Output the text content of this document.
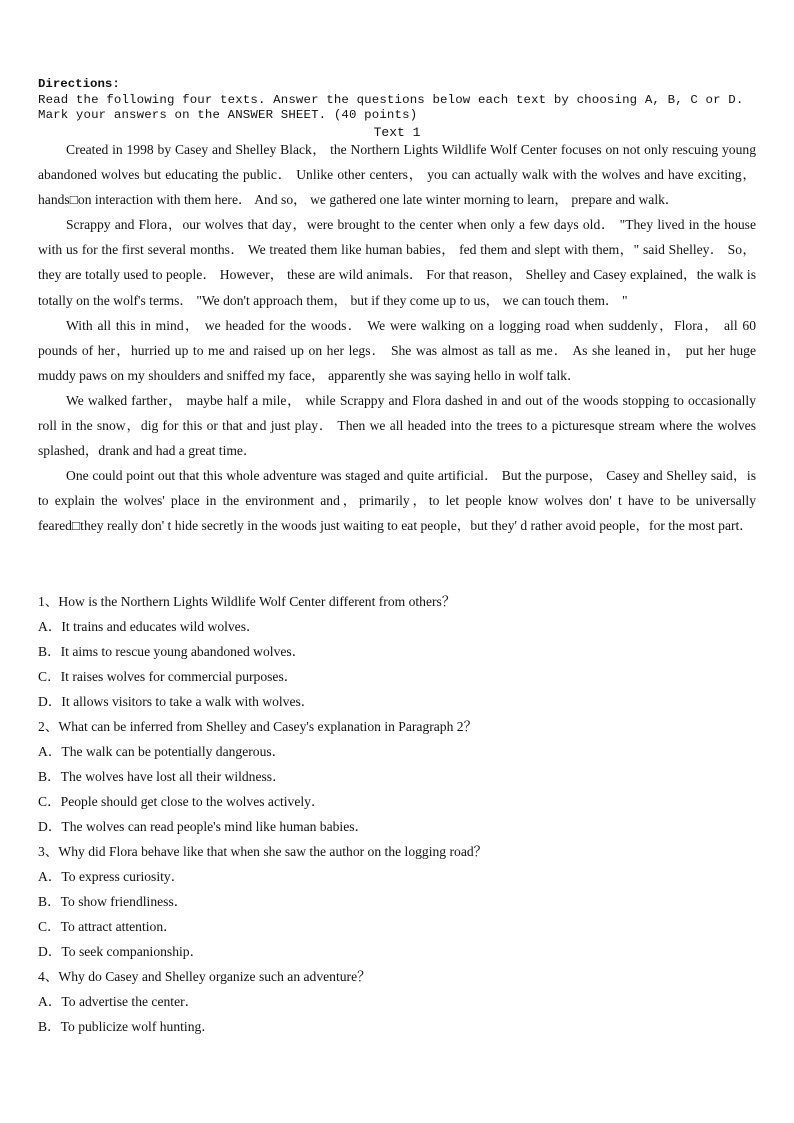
Directions:
Read the following four texts. Answer the questions below each text by choosing A, B, C or D. Mark your answers on the ANSWER SHEET. (40 points)
Text 1

Created in 1998 by Casey and Shelley Black， the Northern Lights Wildlife Wolf Center focuses on not only rescuing young abandoned wolves but educating the public． Unlike other centers， you can actually walk with the wolves and have exciting， hands□on interaction with them here． And so， we gathered one late winter morning to learn， prepare and walk．

Scrappy and Flora，our wolves that day，were brought to the center when only a few days old． "They lived in the house with us for the first several months． We treated them like human babies， fed them and slept with them，" said Shelley． So， they are totally used to people． However， these are wild animals． For that reason， Shelley and Casey explained，the walk is totally on the wolf's terms． "We don't approach them， but if they come up to us， we can touch them． "

With all this in mind， we headed for the woods． We were walking on a logging road when suddenly，Flora， all 60 pounds of her，hurried up to me and raised up on her legs． She was almost as tall as me． As she leaned in， put her huge muddy paws on my shoulders and sniffed my face， apparently she was saying hello in wolf talk．

We walked farther， maybe half a mile， while Scrappy and Flora dashed in and out of the woods stopping to occasionally roll in the snow，dig for this or that and just play． Then we all headed into the trees to a picturesque stream where the wolves splashed，drank and had a great time．

One could point out that this whole adventure was staged and quite artificial． But the purpose， Casey and Shelley said，is to explain the wolves' place in the environment and，primarily，to let people know wolves don' t have to be universally feared□they really don' t hide secretly in the woods just waiting to eat people，but they' d rather avoid people，for the most part．

1、How is the Northern Lights Wildlife Wolf Center different from others？

A．It trains and educates wild wolves．

B．It aims to rescue young abandoned wolves．

C．It raises wolves for commercial purposes．

D．It allows visitors to take a walk with wolves．

2、What can be inferred from Shelley and Casey's explanation in Paragraph 2？

A．The walk can be potentially dangerous．

B．The wolves have lost all their wildness．

C．People should get close to the wolves actively．

D．The wolves can read people's mind like human babies．

3、Why did Flora behave like that when she saw the author on the logging road？

A．To express curiosity．

B．To show friendliness．

C．To attract attention．

D．To seek companionship．

4、Why do Casey and Shelley organize such an adventure？

A．To advertise the center．

B．To publicize wolf hunting．
